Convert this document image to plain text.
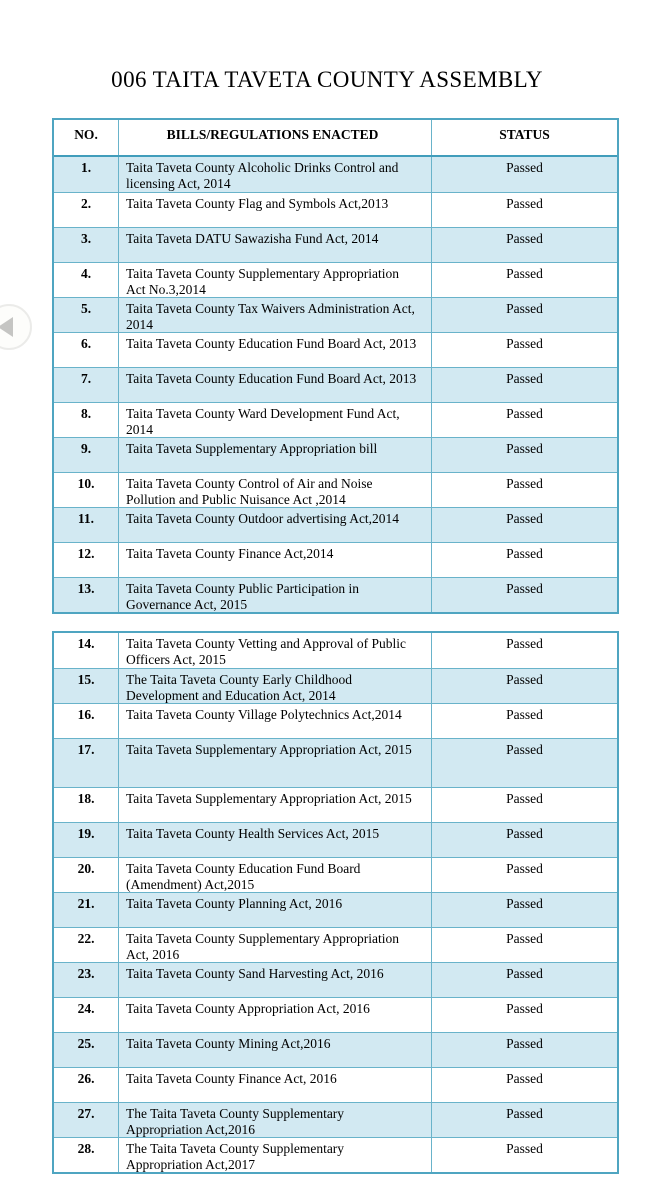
006 TAITA TAVETA COUNTY ASSEMBLY
NO.	BILLS/REGULATIONS ENACTED	STATUS
1.	Taita Taveta County Alcoholic Drinks Control and licensing Act, 2014
Passed
2.	Taita Taveta County Flag and Symbols Act,2013	Passed
3.	Taita Taveta DATU Sawazisha Fund Act, 2014	Passed
4.	Taita Taveta County Supplementary Appropriation Act No.3,2014
Passed
5.	Taita Taveta County Tax Waivers Administration Act, 2014
Passed
6.	Taita Taveta County Education Fund Board Act, 2013	Passed
7.	Taita Taveta County Education Fund Board Act, 2013	Passed
8.	Taita Taveta County Ward Development Fund Act, 2014
Passed
9.	Taita Taveta Supplementary Appropriation bill	Passed
10.	Taita Taveta County Control of Air and Noise Pollution and Public Nuisance Act ,2014
Passed
11.	Taita Taveta County Outdoor advertising Act,2014	Passed
12.	Taita Taveta County Finance Act,2014	Passed
13.	Taita Taveta County Public Participation in Governance Act, 2015
Passed
14.	Taita Taveta County Vetting and Approval of Public Officers Act, 2015
Passed
15.	The Taita Taveta County Early Childhood Development and Education Act, 2014
Passed
16.	Taita Taveta County Village Polytechnics Act,2014	Passed
17.	Taita Taveta Supplementary Appropriation Act, 2015	Passed
18.	Taita Taveta Supplementary Appropriation Act, 2015	Passed
19.	Taita Taveta County Health Services Act, 2015	Passed
20.	Taita Taveta County Education Fund Board (Amendment) Act,2015
Passed
21.	Taita Taveta County Planning Act, 2016	Passed
22.	Taita Taveta County Supplementary Appropriation Act, 2016
Passed
23.	Taita Taveta County Sand Harvesting Act, 2016	Passed
24.	Taita Taveta County Appropriation Act, 2016	Passed
25.	Taita Taveta County Mining Act,2016	Passed
26.	Taita Taveta County Finance Act, 2016	Passed
27.	The Taita Taveta County Supplementary Appropriation Act,2016
Passed
28.	The Taita Taveta County Supplementary Appropriation Act,2017
Passed
